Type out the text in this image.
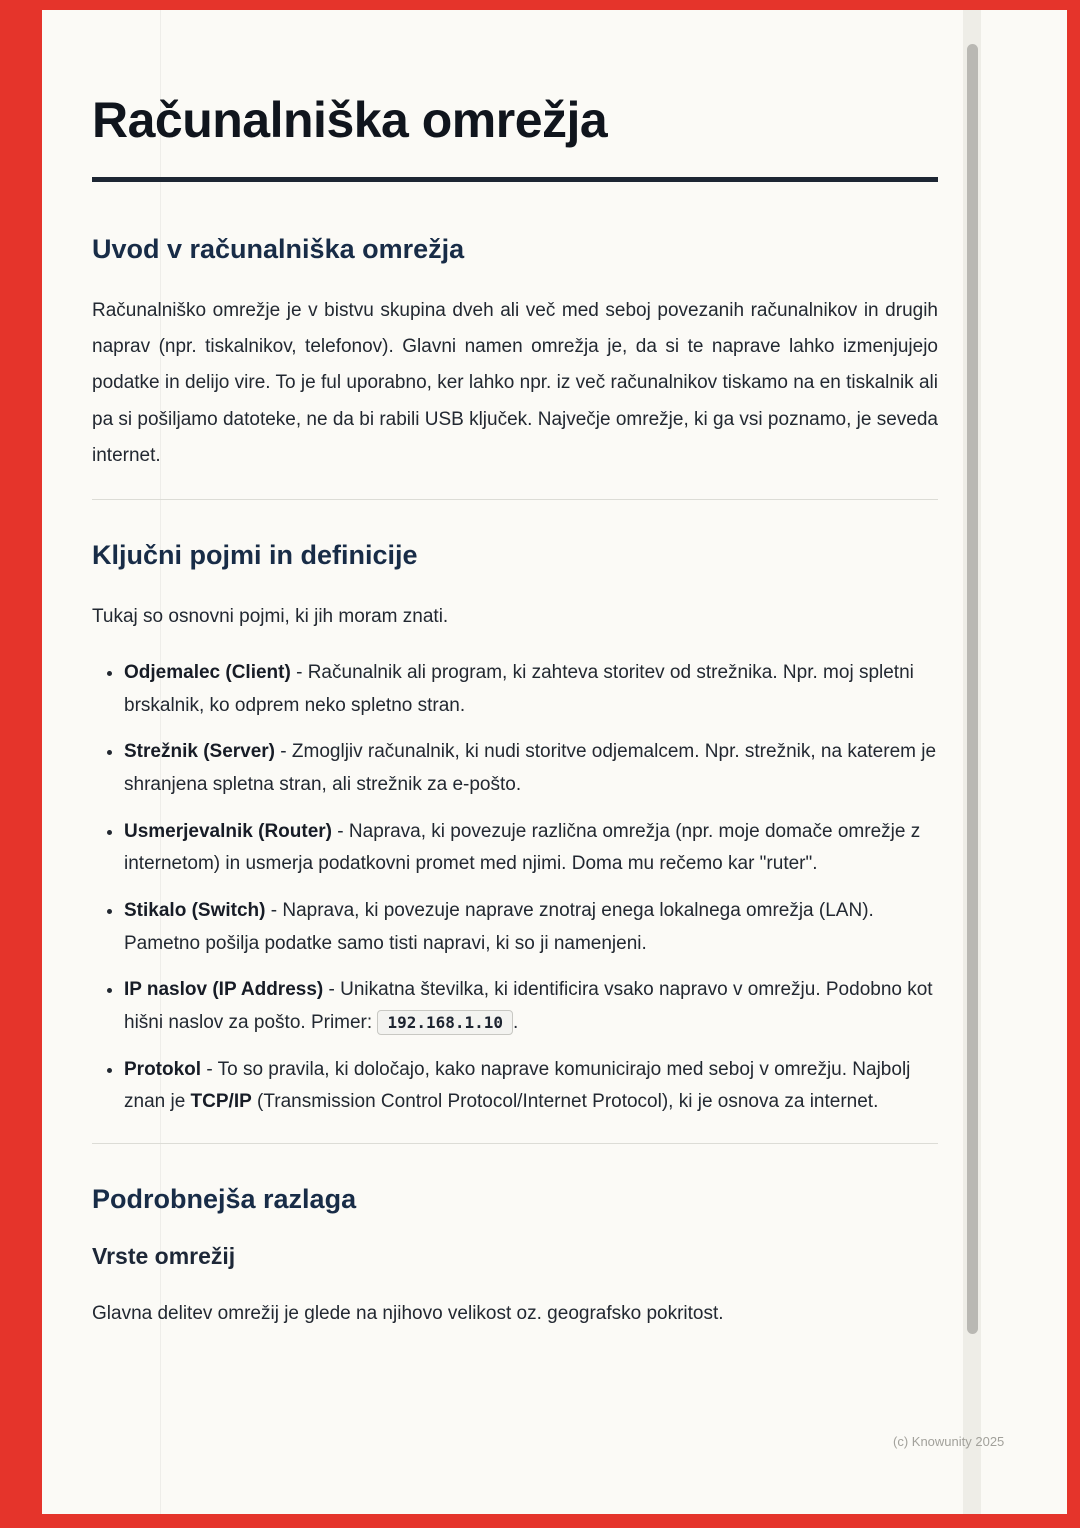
Računalniška omrežja
Uvod v računalniška omrežja

Računalniško omrežje je v bistvu skupina dveh ali več med seboj povezanih računalnikov in drugih naprav (npr. tiskalnikov, telefonov). Glavni namen omrežja je, da si te naprave lahko izmenjujejo podatke in delijo vire. To je ful uporabno, ker lahko npr. iz več računalnikov tiskamo na en tiskalnik ali pa si pošiljamo datoteke, ne da bi rabili USB ključek. Največje omrežje, ki ga vsi poznamo, je seveda internet.

Ključni pojmi in definicije

Tukaj so osnovni pojmi, ki jih moram znati.

• Odjemalec (Client) - Računalnik ali program, ki zahteva storitev od strežnika. Npr. moj spletni brskalnik, ko odprem neko spletno stran.
• Strežnik (Server) - Zmogljiv računalnik, ki nudi storitve odjemalcem. Npr. strežnik, na katerem je shranjena spletna stran, ali strežnik za e-pošto.
• Usmerjevalnik (Router) - Naprava, ki povezuje različna omrežja (npr. moje domače omrežje z internetom) in usmerja podatkovni promet med njimi. Doma mu rečemo kar "ruter".
• Stikalo (Switch) - Naprava, ki povezuje naprave znotraj enega lokalnega omrežja (LAN). Pametno pošilja podatke samo tisti napravi, ki so ji namenjeni.
• IP naslov (IP Address) - Unikatna številka, ki identificira vsako napravo v omrežju. Podobno kot hišni naslov za pošto. Primer: 192.168.1.10 .
• Protokol - To so pravila, ki določajo, kako naprave komunicirajo med seboj v omrežju. Najbolj znan je TCP/IP (Transmission Control Protocol/Internet Protocol), ki je osnova za internet.
Podrobnejša razlaga
Vrste omrežij

Glavna delitev omrežij je glede na njihovo velikost oz. geografsko pokritost.

(c) Knowunity 2025
